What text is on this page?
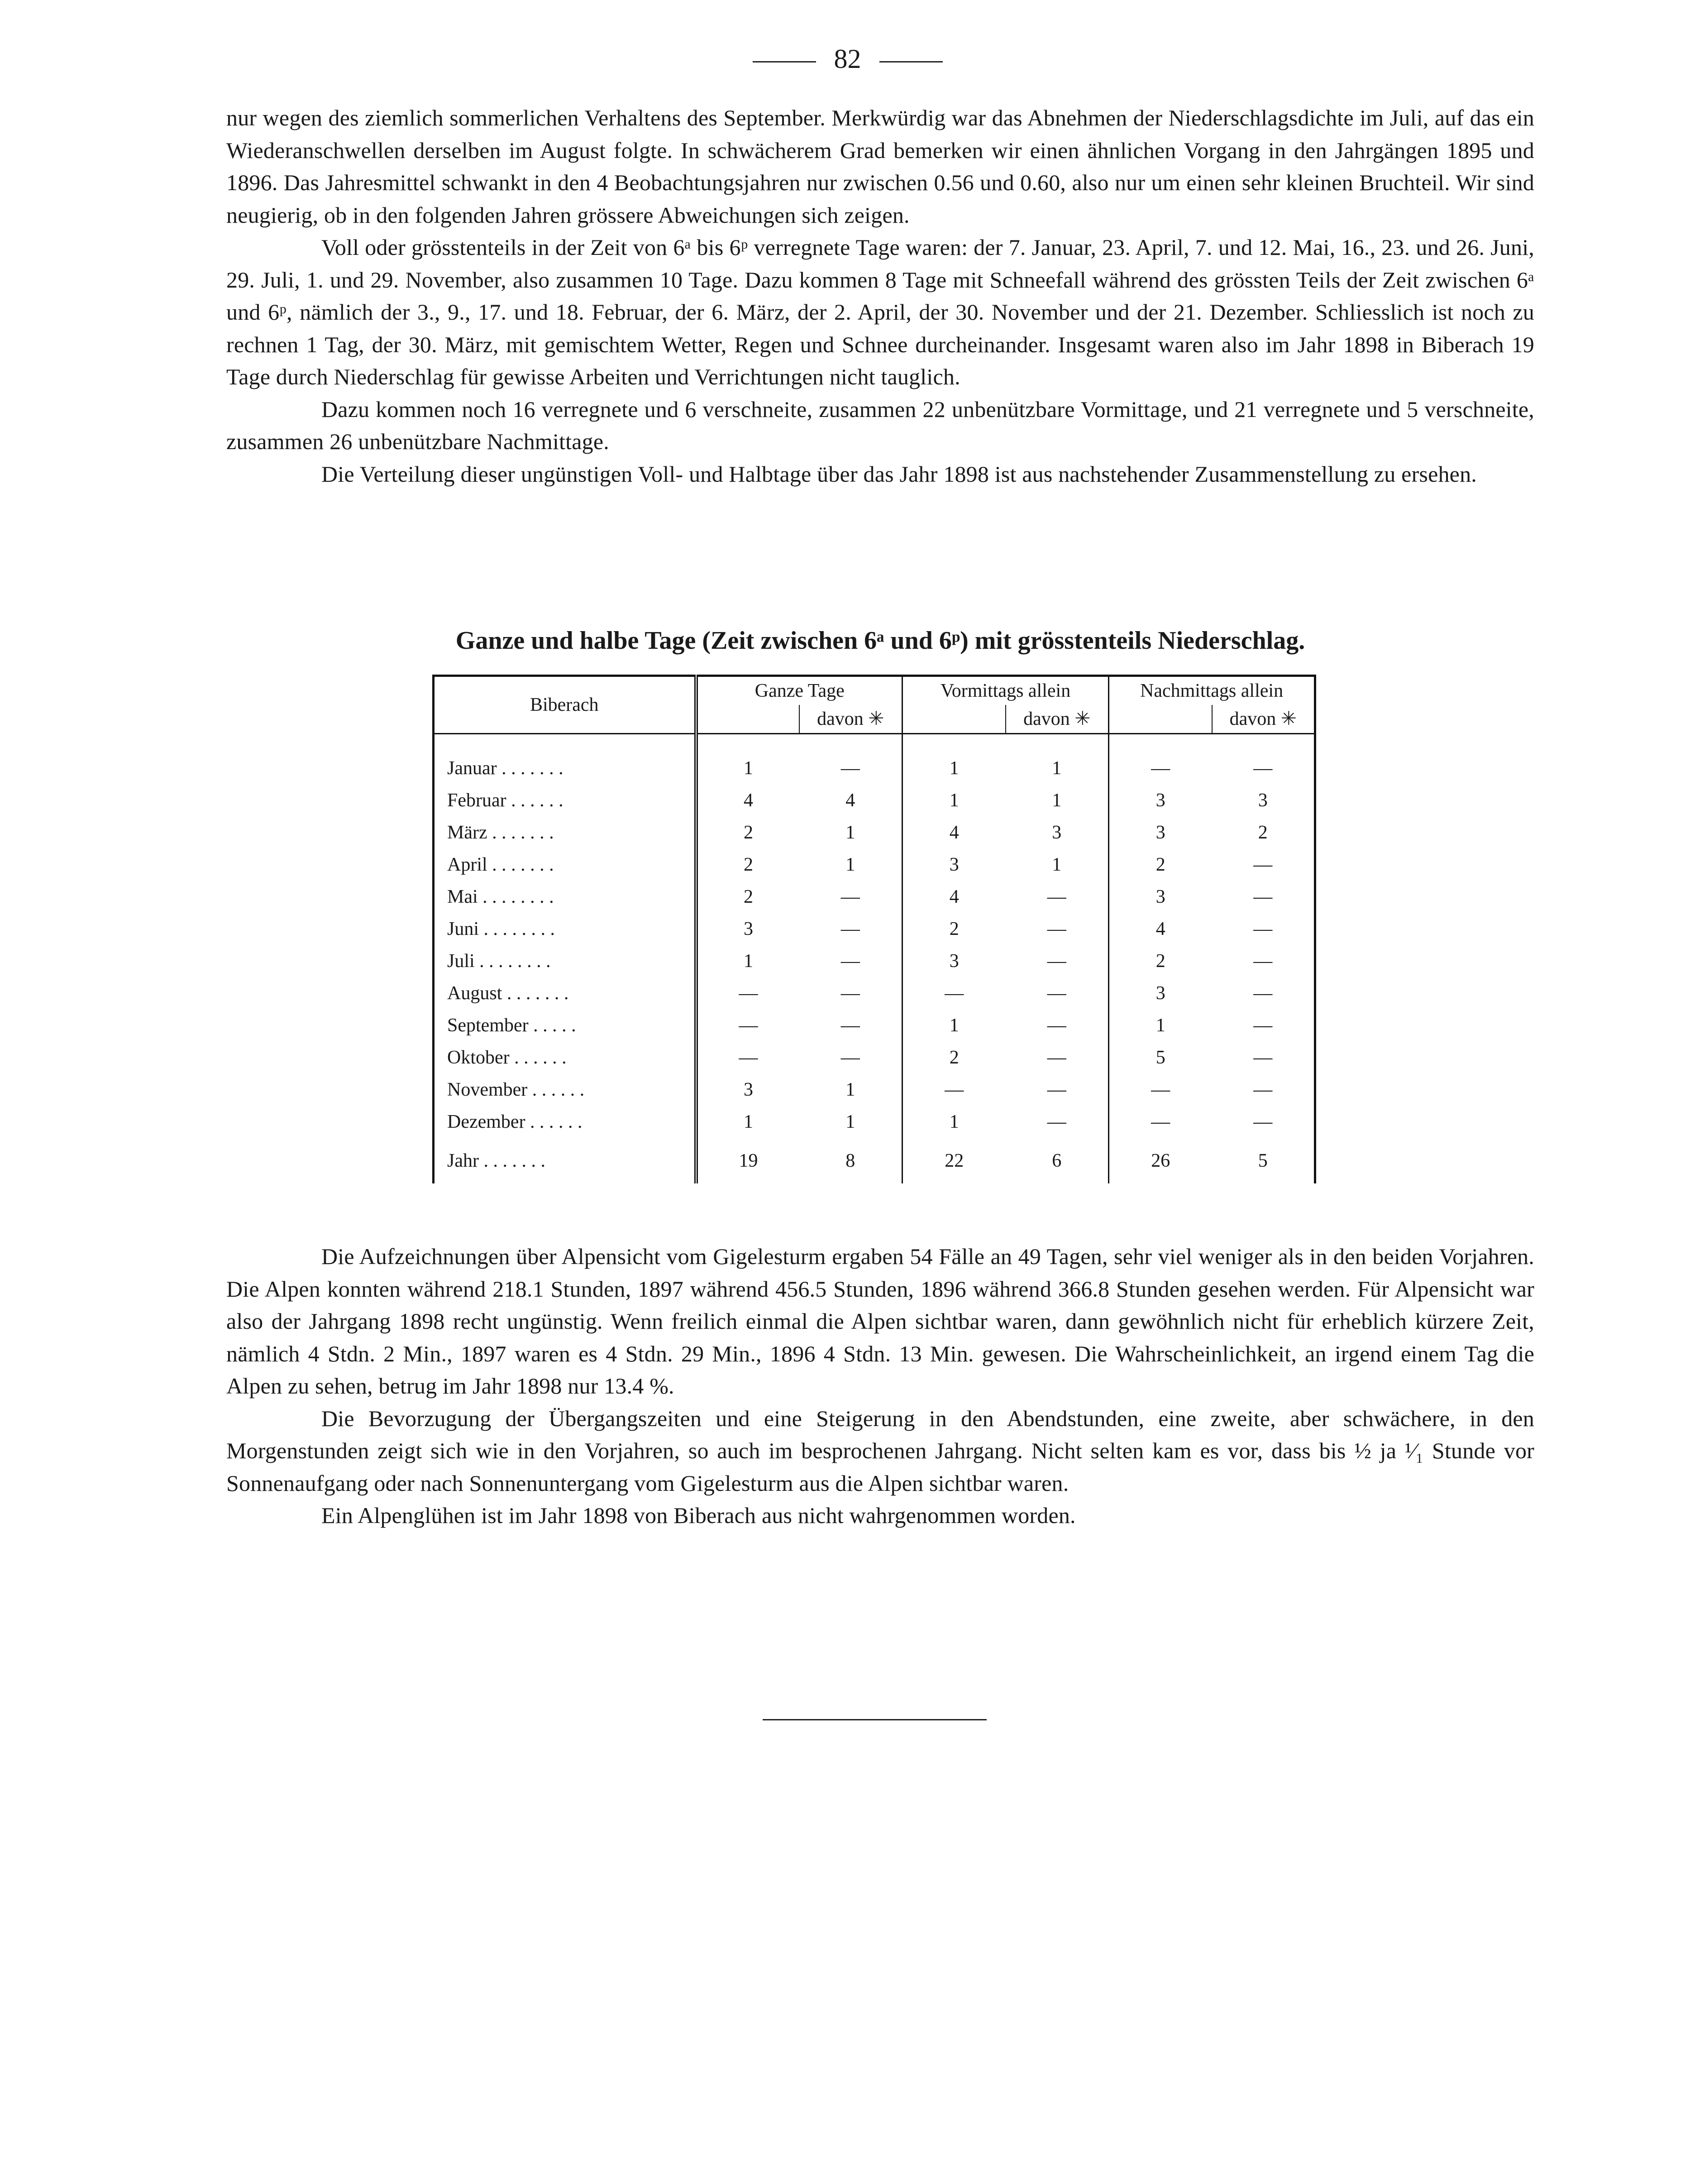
82

nur wegen des ziemlich sommerlichen Verhaltens des September. Merkwürdig war das Abnehmen der Niederschlagsdichte im Juli, auf das ein Wiederanschwellen derselben im August folgte. In schwächerem Grad bemerken wir einen ähnlichen Vorgang in den Jahrgängen 1895 und 1896. Das Jahresmittel schwankt in den 4 Beobachtungsjahren nur zwischen 0.56 und 0.60, also nur um einen sehr kleinen Bruchteil. Wir sind neugierig, ob in den folgenden Jahren grössere Abweichungen sich zeigen.

Voll oder grösstenteils in der Zeit von 6ᵃ bis 6ᵖ verregnete Tage waren: der 7. Januar, 23. April, 7. und 12. Mai, 16., 23. und 26. Juni, 29. Juli, 1. und 29. November, also zusammen 10 Tage. Dazu kommen 8 Tage mit Schneefall während des grössten Teils der Zeit zwischen 6ᵃ und 6ᵖ, nämlich der 3., 9., 17. und 18. Februar, der 6. März, der 2. April, der 30. November und der 21. Dezember. Schliesslich ist noch zu rechnen 1 Tag, der 30. März, mit gemischtem Wetter, Regen und Schnee durcheinander. Insgesamt waren also im Jahr 1898 in Biberach 19 Tage durch Niederschlag für gewisse Arbeiten und Verrichtungen nicht tauglich.

Dazu kommen noch 16 verregnete und 6 verschneite, zusammen 22 unbenützbare Vormittage, und 21 verregnete und 5 verschneite, zusammen 26 unbenützbare Nachmittage.

Die Verteilung dieser ungünstigen Voll- und Halbtage über das Jahr 1898 ist aus nachstehender Zusammenstellung zu ersehen.

Ganze und halbe Tage (Zeit zwischen 6ᵃ und 6ᵖ) mit grösstenteils Niederschlag.
Biberach	Ganze Tage		Vormittags allein		Nachmittags allein	
		davon ✳		davon ✳		davon ✳

Januar . . . . . . .	1	—	1	1	—	—
Februar . . . . . .	4	4	1	1	3	3
März . . . . . . .	2	1	4	3	3	2
April . . . . . . .	2	1	3	1	2	—
Mai . . . . . . . .	2	—	4	—	3	—
Juni . . . . . . . .	3	—	2	—	4	—
Juli . . . . . . . .	1	—	3	—	2	—
August . . . . . . .	—	—	—	—	3	—
September . . . . .	—	—	1	—	1	—
Oktober . . . . . .	—	—	2	—	5	—
November . . . . . .	3	1	—	—	—	—
Dezember . . . . . .	1	1	1	—	—	—
Jahr . . . . . . .	19	8	22	6	26	5

Die Aufzeichnungen über Alpensicht vom Gigelesturm ergaben 54 Fälle an 49 Tagen, sehr viel weniger als in den beiden Vorjahren. Die Alpen konnten während 218.1 Stunden, 1897 während 456.5 Stunden, 1896 während 366.8 Stunden gesehen werden. Für Alpensicht war also der Jahrgang 1898 recht ungünstig. Wenn freilich einmal die Alpen sichtbar waren, dann gewöhnlich nicht für erheblich kürzere Zeit, nämlich 4 Stdn. 2 Min., 1897 waren es 4 Stdn. 29 Min., 1896 4 Stdn. 13 Min. gewesen. Die Wahrscheinlichkeit, an irgend einem Tag die Alpen zu sehen, betrug im Jahr 1898 nur 13.4 %.

Die Bevorzugung der Übergangszeiten und eine Steigerung in den Abendstunden, eine zweite, aber schwächere, in den Morgenstunden zeigt sich wie in den Vorjahren, so auch im besprochenen Jahrgang. Nicht selten kam es vor, dass bis ½ ja ¹⁄₁ Stunde vor Sonnenaufgang oder nach Sonnenuntergang vom Gigelesturm aus die Alpen sichtbar waren.

Ein Alpenglühen ist im Jahr 1898 von Biberach aus nicht wahrgenommen worden.
